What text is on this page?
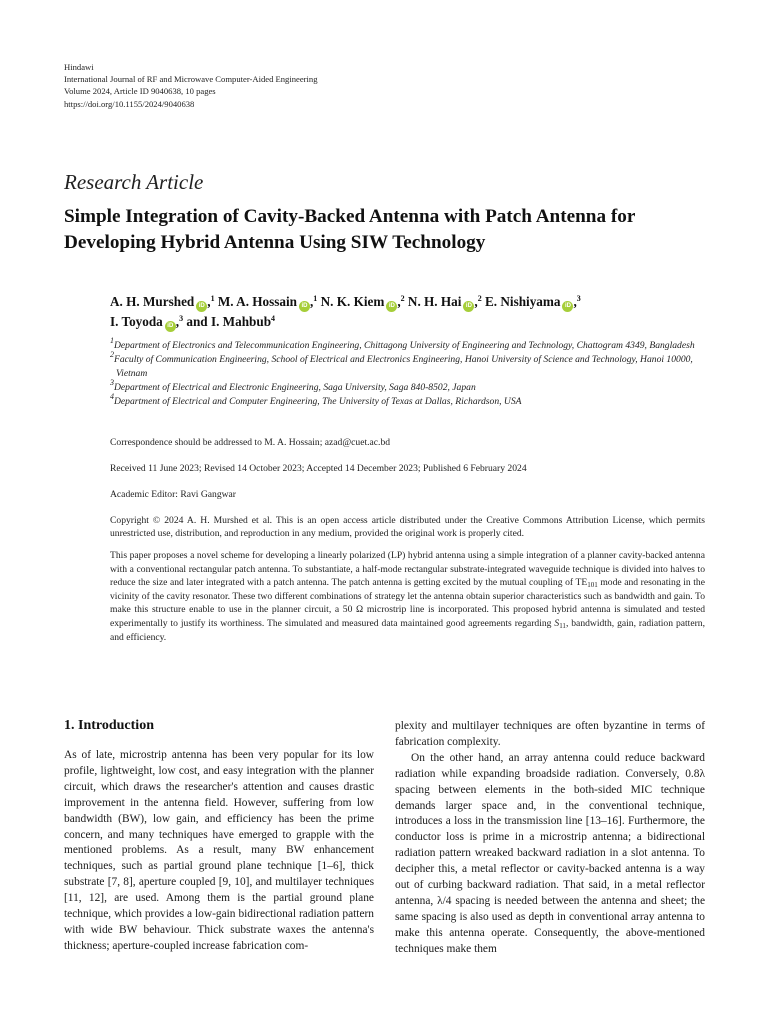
Hindawi
International Journal of RF and Microwave Computer-Aided Engineering
Volume 2024, Article ID 9040638, 10 pages
https://doi.org/10.1155/2024/9040638
Research Article
Simple Integration of Cavity-Backed Antenna with Patch Antenna for Developing Hybrid Antenna Using SIW Technology
A. H. Murshed iD ,$^1$ M. A. Hossain iD ,$^1$ N. K. Kiem iD ,$^2$ N. H. Hai iD ,$^2$ E. Nishiyama iD ,$^3$
I. Toyoda iD ,$^3$ and I. Mahbub$^4$
$^1$Department of Electronics and Telecommunication Engineering, Chittagong University of Engineering and Technology, Chattogram 4349, Bangladesh
$^2$Faculty of Communication Engineering, School of Electrical and Electronics Engineering, Hanoi University of Science and Technology, Hanoi 10000, Vietnam
$^3$Department of Electrical and Electronic Engineering, Saga University, Saga 840-8502, Japan
$^4$Department of Electrical and Computer Engineering, The University of Texas at Dallas, Richardson, USA
Correspondence should be addressed to M. A. Hossain; azad@cuet.ac.bd
Received 11 June 2023; Revised 14 October 2023; Accepted 14 December 2023; Published 6 February 2024
Academic Editor: Ravi Gangwar
Copyright © 2024 A. H. Murshed et al. This is an open access article distributed under the Creative Commons Attribution License, which permits unrestricted use, distribution, and reproduction in any medium, provided the original work is properly cited.
This paper proposes a novel scheme for developing a linearly polarized (LP) hybrid antenna using a simple integration of a planner cavity-backed antenna with a conventional rectangular patch antenna. To substantiate, a half-mode rectangular substrate-integrated waveguide technique is divided into halves to reduce the size and later integrated with a patch antenna. The patch antenna is getting excited by the mutual coupling of $TE_{101}$ mode and resonating in the vicinity of the cavity resonator. These two different combinations of strategy let the antenna obtain superior characteristics such as bandwidth and gain. To make this structure enable to use in the planner circuit, a 50 Ω microstrip line is incorporated. This proposed hybrid antenna is simulated and tested experimentally to justify its worthiness. The simulated and measured data maintained good agreements regarding $S_{11}$, bandwidth, gain, radiation pattern, and efficiency.
1. Introduction

As of late, microstrip antenna has been very popular for its low profile, lightweight, low cost, and easy integration with the planner circuit, which draws the researcher's attention and causes drastic improvement in the antenna field. However, suffering from low bandwidth (BW), low gain, and efficiency has been the prime concern, and many techniques have emerged to grapple with the mentioned problems. As a result, many BW enhancement techniques, such as partial ground plane technique [1–6], thick substrate [7, 8], aperture coupled [9, 10], and multilayer techniques [11, 12], are used. Among them is the partial ground plane technique, which provides a low-gain bidirectional radiation pattern with wide BW behaviour. Thick substrate waxes the antenna's thickness; aperture-coupled increase fabrication com-

plexity and multilayer techniques are often byzantine in terms of fabrication complexity.

On the other hand, an array antenna could reduce backward radiation while expanding broadside radiation. Conversely, 0.8λ spacing between elements in the both-sided MIC technique demands larger space and, in the conventional technique, introduces a loss in the transmission line [13–16]. Furthermore, the conductor loss is prime in a microstrip antenna; a bidirectional radiation pattern wreaked backward radiation in a slot antenna. To decipher this, a metal reflector or cavity-backed antenna is a way out of curbing backward radiation. That said, in a metal reflector antenna, λ/4 spacing is needed between the antenna and sheet; the same spacing is also used as depth in conventional array antenna to make this antenna operate. Consequently, the above-mentioned techniques make them
